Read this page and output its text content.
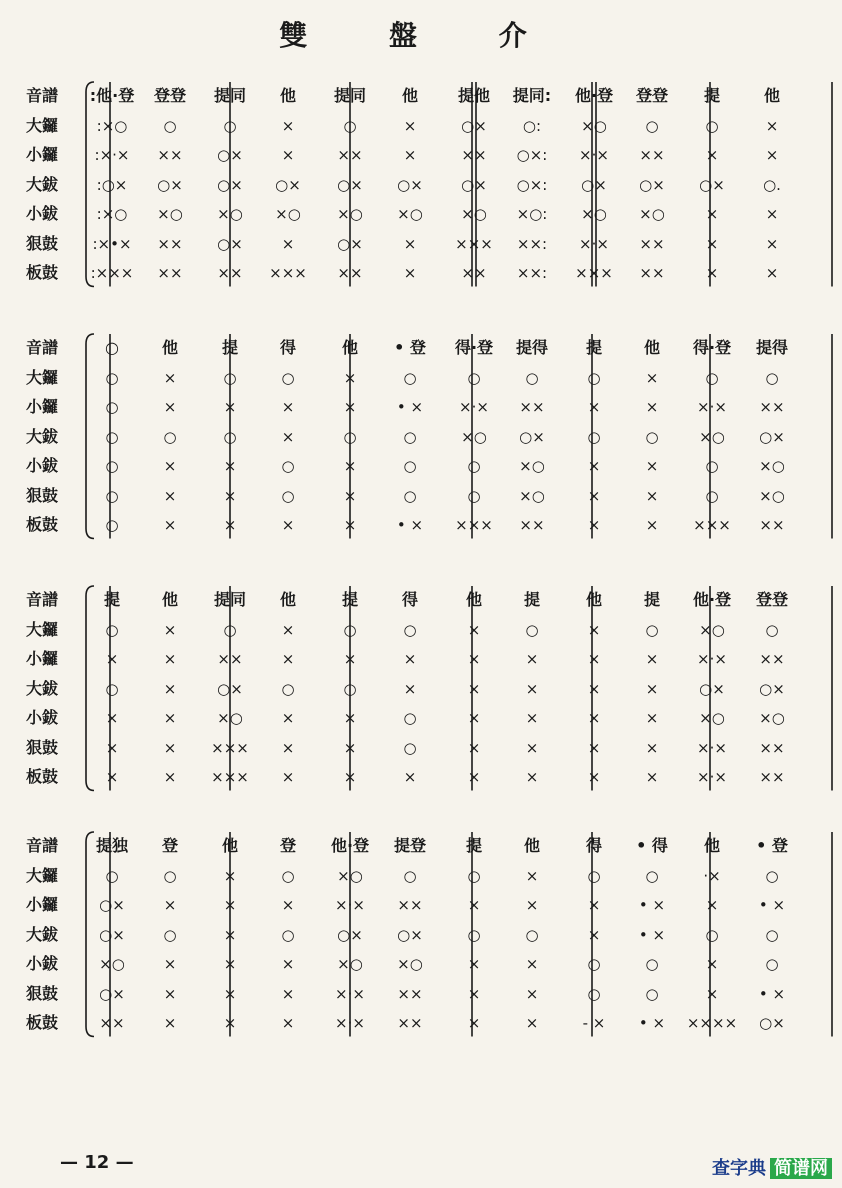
雙 盤 介
音譜	:他·登	登登	提同	他	提同	他	提他	提同:	他·登	登登	提	他
大鑼	:×○	○	○	×	○	×	○×	○:	×○	○	○	×
小鑼	:×·×	××	○×	×	××	×	××	○×:	×·×	××	×	×
大鈸	:○×	○×	○×	○×	○×	○×	○×	○×:	○×	○×	○×	○.
小鈸	:×○	×○	×○	×○	×○	×○	×○	×○:	×○	×○	×	×
狠鼓	:×•×	××	○×	×	○×	×	×××	××:	×·×	××	×	×
板鼓	:×××	××	××	×××	××	×	××	××:	×××	××	×	×
音譜	○	他	提	得	他	• 登	得·登	提得	提	他	得·登	提得
大鑼	○	×	○	○	×	○	○	○	○	×	○	○
小鑼	○	×	×	×	×	• ×	×·×	××	×	×	×·×	××
大鈸	○	○	○	×	○	○	×○	○×	○	○	×○	○×
小鈸	○	×	×	○	×	○	○	×○	×	×	○	×○
狠鼓	○	×	×	○	×	○	○	×○	×	×	○	×○
板鼓	○	×	×	×	×	• ×	×××	××	×	×	×××	××
音譜	提	他	提同	他	提	得	他	提	他	提	他·登	登登
大鑼	○	×	○	×	○	○	×	○	×	○	×○	○
小鑼	×	×	××	×	×	×	×	×	×	×	×·×	××
大鈸	○	×	○×	○	○	×	×	×	×	×	○×	○×
小鈸	×	×	×○	×	×	○	×	×	×	×	×○	×○
狠鼓	×	×	×××	×	×	○	×	×	×	×	×·×	××
板鼓	×	×	×××	×	×	×	×	×	×	×	×·×	××
音譜	提独	登	他	登	他·登	提登	提	他	得	• 得	他	• 登
大鑼	○	○	×	○	×○	○	○	×	○	○	·×	○
小鑼	○×	×	×	×	×·×	××	×	×	×	• ×	×	• ×
大鈸	○×	○	×	○	○×	○×	○	○	×	• ×	○	○
小鈸	×○	×	×	×	×○	×○	×	×	○	○	×	○
狠鼓	○×	×	×	×	×·×	××	×	×	○	○	×	• ×
板鼓	××	×	×	×	×·×	××	×	×	- ×	• ×	××××	○×
— 12 —	查字典 简谱网
